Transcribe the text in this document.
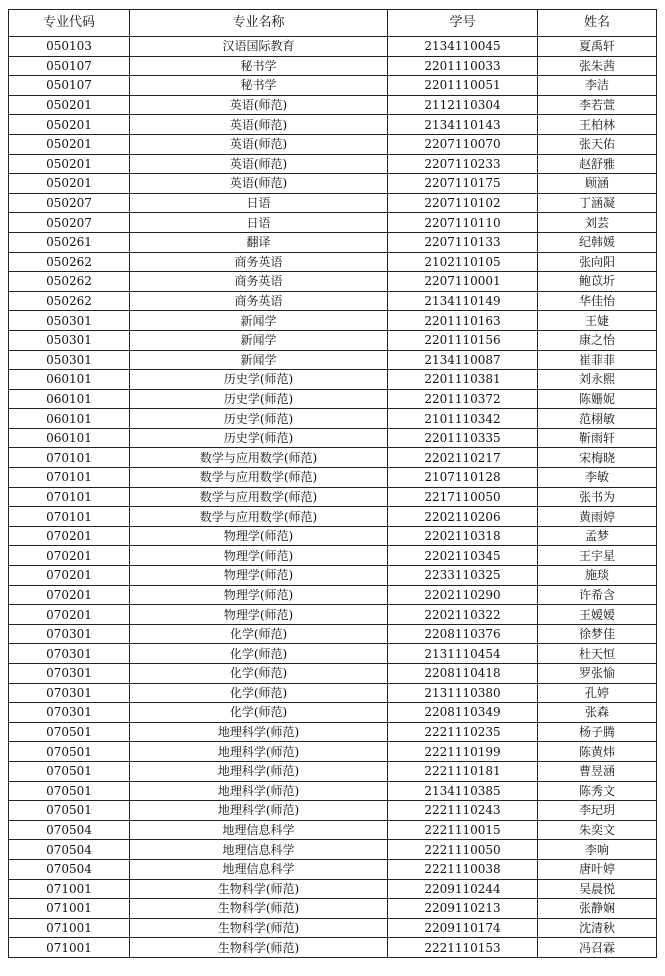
专业代码	专业名称	学号	姓名
050103	汉语国际教育	2134110045	夏禹轩
050107	秘书学	2201110033	张朱茜
050107	秘书学	2201110051	李洁
050201	英语(师范)	2112110304	李若萱
050201	英语(师范)	2134110143	王柏林
050201	英语(师范)	2207110070	张天佑
050201	英语(师范)	2207110233	赵舒雅
050201	英语(师范)	2207110175	顾涵
050207	日语	2207110102	丁涵凝
050207	日语	2207110110	刘芸
050261	翻译	2207110133	纪韩媛
050262	商务英语	2102110105	张向阳
050262	商务英语	2207110001	鲍苡圻
050262	商务英语	2134110149	华佳怡
050301	新闻学	2201110163	王婕
050301	新闻学	2201110156	康之怡
050301	新闻学	2134110087	崔菲菲
060101	历史学(师范)	2201110381	刘永熙
060101	历史学(师范)	2201110372	陈姗妮
060101	历史学(师范)	2101110342	范栩敏
060101	历史学(师范)	2201110335	靳雨轩
070101	数学与应用数学(师范)	2202110217	宋梅晓
070101	数学与应用数学(师范)	2107110128	李敏
070101	数学与应用数学(师范)	2217110050	张书为
070101	数学与应用数学(师范)	2202110206	黄雨婷
070201	物理学(师范)	2202110318	孟梦
070201	物理学(师范)	2202110345	王宇星
070201	物理学(师范)	2233110325	施琰
070201	物理学(师范)	2202110290	许希含
070201	物理学(师范)	2202110322	王嫒嫒
070301	化学(师范)	2208110376	徐梦佳
070301	化学(师范)	2131110454	杜天恒
070301	化学(师范)	2208110418	罗张愉
070301	化学(师范)	2131110380	孔婷
070301	化学(师范)	2208110349	张森
070501	地理科学(师范)	2221110235	杨子腾
070501	地理科学(师范)	2221110199	陈黄炜
070501	地理科学(师范)	2221110181	曹昱涵
070501	地理科学(师范)	2134110385	陈秀文
070501	地理科学(师范)	2221110243	李玘玥
070504	地理信息科学	2221110015	朱奕文
070504	地理信息科学	2221110050	李响
070504	地理信息科学	2221110038	唐叶婷
071001	生物科学(师范)	2209110244	吴晨悦
071001	生物科学(师范)	2209110213	张静娴
071001	生物科学(师范)	2209110174	沈清秋
071001	生物科学(师范)	2221110153	冯召霖
